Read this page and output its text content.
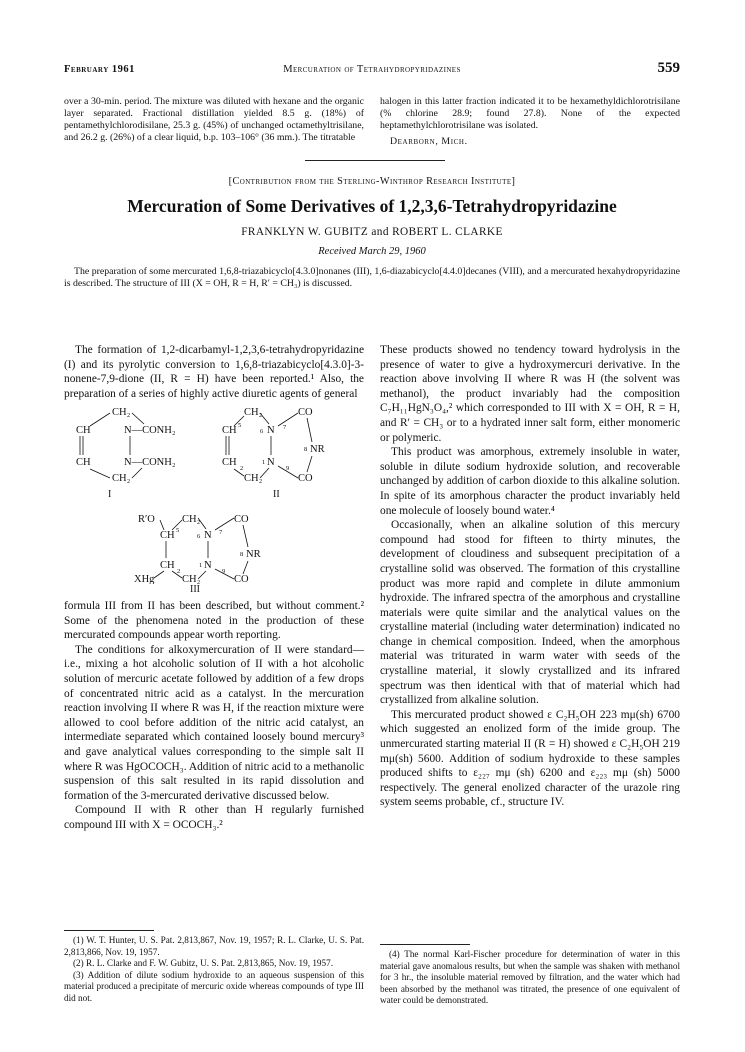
February 1961	Mercuration of Tetrahydropyridazines	559

over a 30-min. period. The mixture was diluted with hexane and the organic layer separated. Fractional distillation yielded 8.5 g. (18%) of pentamethylchlorodisilane, 25.3 g. (45%) of unchanged octamethyltrisilane, and 26.2 g. (26%) of a clear liquid, b.p. 103–106° (36 mm.). The titratable

halogen in this latter fraction indicated it to be hexamethyldichlorotrisilane (% chlorine 28.9; found 27.8). None of the expected heptamethylchlorotrisilane was isolated.

Dearborn, Mich.

[Contribution from the Sterling-Winthrop Research Institute]
Mercuration of Some Derivatives of 1,2,3,6-Tetrahydropyridazine
FRANKLYN W. GUBITZ and ROBERT L. CLARKE
Received March 29, 1960
The preparation of some mercurated 1,6,8-triazabicyclo[4.3.0]nonanes (III), 1,6-diazabicyclo[4.4.0]decanes (VIII), and a mercurated hexahydropyridazine is described. The structure of III (X = OH, R = H, R′ = CH₃) is discussed.

The formation of 1,2-dicarbamyl-1,2,3,6-tetrahydropyridazine (I) and its pyrolytic conversion to 1,6,8-triazabicyclo[4.3.0]-3-nonene-7,9-dione (II, R = H) have been reported.¹ Also, the preparation of a series of highly active diuretic agents of general

CH₂
CH	N—CONH₂
CH	N—CONH₂
CH₂
I
CH₂	CO
CH 5
6 N 7
8 NR
CH
2
1 N
9
CH₂	CO
II
R′O	CH₂	CO
CH 5
6 N 7
8 NR
CH
2
1 N
9
XHg	CH₂	CO
III

formula III from II has been described, but without comment.² Some of the phenomena noted in the production of these mercurated compounds appear worth reporting.

The conditions for alkoxymercuration of II were standard—i.e., mixing a hot alcoholic solution of II with a hot alcoholic solution of mercuric acetate followed by addition of a few drops of concentrated nitric acid as a catalyst. In the mercuration reaction involving II where R was H, if the reaction mixture were allowed to cool before addition of the nitric acid catalyst, an intermediate separated which contained loosely bound mercury³ and gave analytical values corresponding to the simple salt II where R was HgOCOCH₃. Addition of nitric acid to a methanolic suspension of this salt resulted in its rapid dissolution and formation of the 3-mercurated derivative discussed below.

Compound II with R other than H regularly furnished compound III with X = OCOCH₃.²

(1) W. T. Hunter, U. S. Pat. 2,813,867, Nov. 19, 1957; R. L. Clarke, U. S. Pat. 2,813,866, Nov. 19, 1957.

(2) R. L. Clarke and F. W. Gubitz, U. S. Pat. 2,813,865, Nov. 19, 1957.

(3) Addition of dilute sodium hydroxide to an aqueous suspension of this material produced a precipitate of mercuric oxide whereas compounds of type III did not.

These products showed no tendency toward hydrolysis in the presence of water to give a hydroxymercuri derivative. In the reaction above involving II where R was H (the solvent was methanol), the product invariably had the composition C₇H₁₁HgN₃O₄,² which corresponded to III with X = OH, R = H, and R′ = CH₃ or to a hydrated inner salt form, either monomeric or polymeric.

This product was amorphous, extremely insoluble in water, soluble in dilute sodium hydroxide solution, and recoverable unchanged by addition of carbon dioxide to this alkaline solution. In spite of its amorphous character the product invariably held one molecule of loosely bound water.⁴

Occasionally, when an alkaline solution of this mercury compound had stood for fifteen to thirty minutes, the development of cloudiness and subsequent precipitation of a crystalline solid was observed. The formation of this crystalline product was more rapid and complete in dilute ammonium hydroxide. The infrared spectra of the amorphous and crystalline materials were quite similar and the analytical values on the crystalline material (including water determination) indicated no change in chemical composition. Indeed, when the amorphous material was triturated in warm water with seeds of the crystalline material, it slowly crystallized and its infrared spectrum was then identical with that of material which had crystallized from alkaline solution.

This mercurated product showed ε C₂H₅OH 223 mμ(sh) 6700 which suggested an enolized form of the imide group. The unmercurated starting material II (R = H) showed ε C₂H₅OH 219 mμ(sh) 5600. Addition of sodium hydroxide to these samples produced shifts to ε₂₂₇ mμ (sh) 6200 and ε₂₂₃ mμ (sh) 5000 respectively. The general enolized character of the urazole ring system seems probable, cf., structure IV.

(4) The normal Karl-Fischer procedure for determination of water in this material gave anomalous results, but when the sample was shaken with methanol for 3 hr., the insoluble material removed by filtration, and the water which had been absorbed by the methanol was titrated, the presence of one equivalent of water could be demonstrated.
